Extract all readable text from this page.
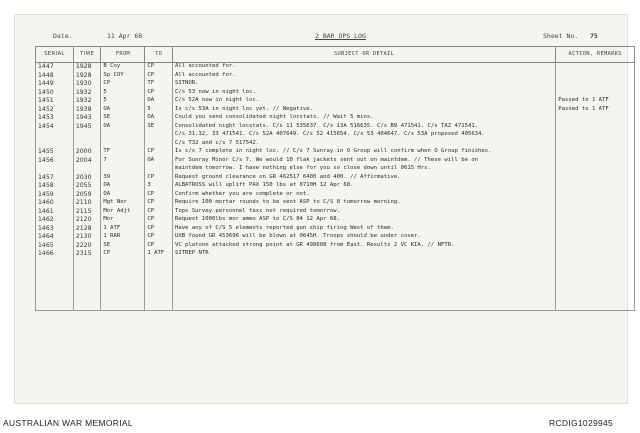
Date.	11 Apr 68	2 BAR OPS LOG	Sheet No. 75
SERIAL	TIME	FROM	TO	SUBJECT OR DETAIL	ACTION, REMARKS
1447	1928	B Coy	CP	All accounted for.	
1448	1928	Sp COY	CP	All accounted for.	
1449	1930	CP	TF	SITNOR.	
1450	1932	5	CP	C/s 53 now in night loc.	
1451	1932	5	OA	C/s 52A now in night loc.	Passed to 1 ATF
1452	1938	OA	5	Is c/s 53A in night loc yet. // Negative.	Passed to 1 ATF
1453	1943	SE	OA	Could you send consolidated night locstats. // Wait 5 mins.	
1454	1945	OA	SE	Consolidated night locstats. C/s 11 535637. C/s 13A 516635. C/s B9 471541. C/s TAZ 471541.	
				C/s 31,32, 33 471541. C/s 52A 407649. C/s 52 415654. C/s 53 404647. C/s 53A proposed 405634.	
				C/s T32 and c/s 7 517542.	
1455	2000	TF	CP	Is c/s 7 complete in night loc. // C/s 7 Sunray in O Group will confirm when O Group finishes.	
1456	2004	7	OA	For Sunray Minor C/s 7. We would 10 flak jackets sent out on maintdem. // These will be on	
				maintdem tomorrow. I have nothing else for you so close down until 0615 Hrs.	
1457	2030	39	CP	Request ground clearance on GR 462517 6400 and 400. // Affirmative.	
1458	2055	OA	3	ALBATROSS will uplift PAX 150 lbs at 0710H 12 Apr 68.	
1459	2059	OA	CP	Confirm whether you are complete or not.	
1460	2110	Mgt Nor	CP	Require 100 mortar rounds to be sent ASP to C/S 8 tomorrow morning.	
1461	2115	Mor Adjt	CP	Tops Survey personnel taxx not required tomorrow.	
1462	2120	Mor	CP	Request 1000lbs mor ammo ASP to C/S 84 12 Apr 68.	
1463	2128	1 ATF	CP	Have any of C/S 5 elements reported gun ship firing West of them.	
1464	2130	1 RAR	CP	UXB found GR 453696 will be blown at 0645H. Troops should be under cover.	
1465	2220	SE	CP	VC platoon attacked strong point at GR 498608 from East. Results 2 VC KIA. // NFTR.	
1466	2315	CP	1 ATF	SITREP NTR	

AUSTRALIAN WAR MEMORIAL	RCDIG1029945
